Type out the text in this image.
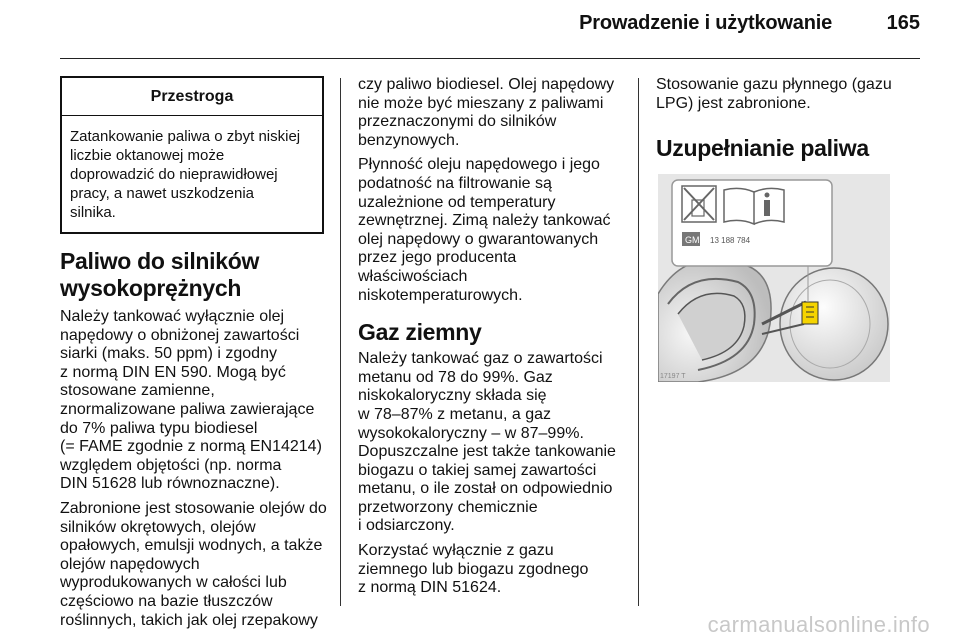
Prowadzenie i użytkowanie	165
Przestroga
Zatankowanie paliwa o zbyt niskiej
liczbie oktanowej może
doprowadzić do nieprawidłowej
pracy, a nawet uszkodzenia
silnika.
Paliwo do silników
wysokoprężnych

Należy tankować wyłącznie olej
napędowy o obniżonej zawartości
siarki (maks. 50 ppm) i zgodny
z normą DIN EN 590. Mogą być
stosowane zamienne,
znormalizowane paliwa zawierające
do 7% paliwa typu biodiesel
(= FAME zgodnie z normą EN14214)
względem objętości (np. norma
DIN 51628 lub równoznaczne).

Zabronione jest stosowanie olejów do
silników okrętowych, olejów
opałowych, emulsji wodnych, a także
olejów napędowych
wyprodukowanych w całości lub
częściowo na bazie tłuszczów
roślinnych, takich jak olej rzepakowy

czy paliwo biodiesel. Olej napędowy
nie może być mieszany z paliwami
przeznaczonymi do silników
benzynowych.

Płynność oleju napędowego i jego
podatność na filtrowanie są
uzależnione od temperatury
zewnętrznej. Zimą należy tankować
olej napędowy o gwarantowanych
przez jego producenta
właściwościach
niskotemperaturowych.

Gaz ziemny

Należy tankować gaz o zawartości
metanu od 78 do 99%. Gaz
niskokaloryczny składa się
w 78–87% z metanu, a gaz
wysokokaloryczny – w 87–99%.
Dopuszczalne jest także tankowanie
biogazu o takiej samej zawartości
metanu, o ile został on odpowiednio
przetworzony chemicznie
i odsiarczony.

Korzystać wyłącznie z gazu
ziemnego lub biogazu zgodnego
z normą DIN 51624.

Stosowanie gazu płynnego (gazu
LPG) jest zabronione.

Uzupełnianie paliwa
GM 13 188 784
17197 T
carmanualsonline.info
